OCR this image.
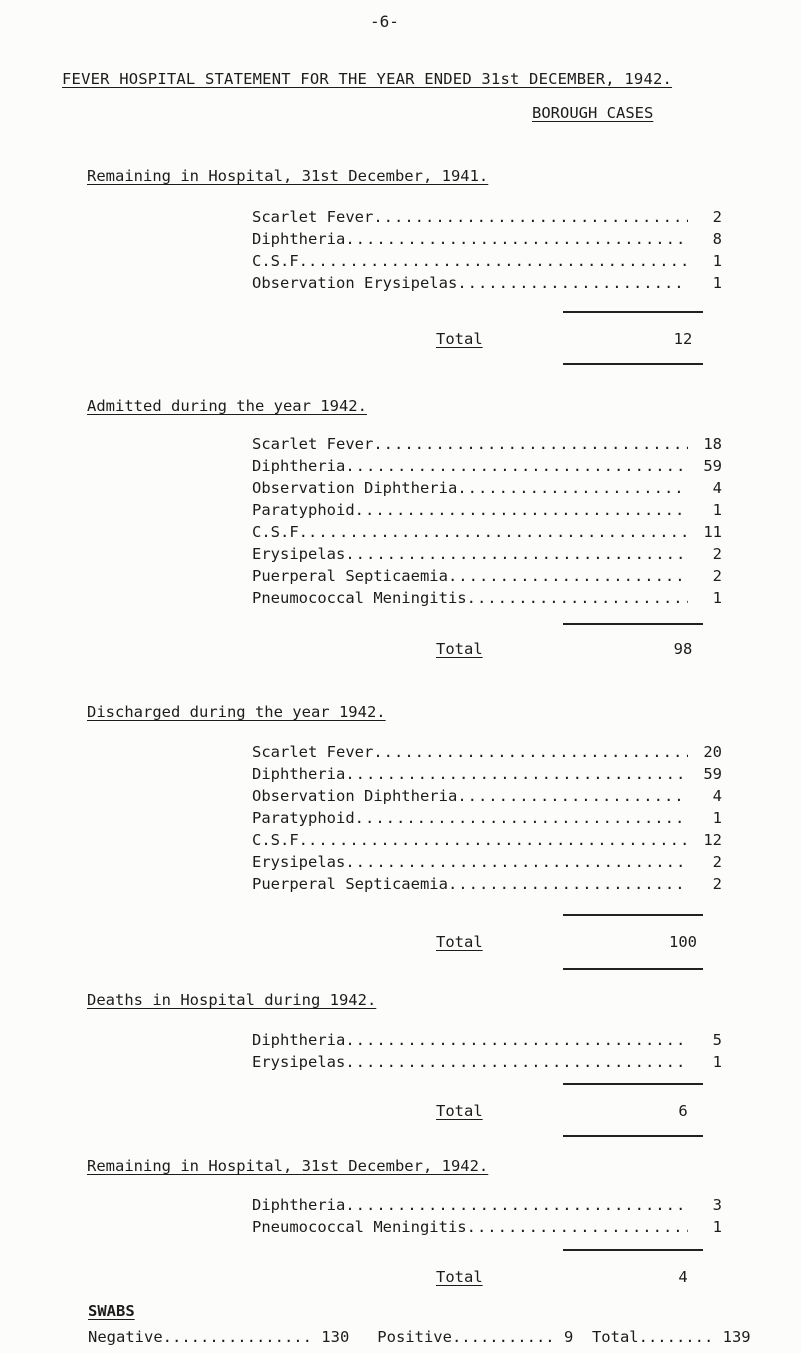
-6-
FEVER HOSPITAL STATEMENT FOR THE YEAR ENDED 31st DECEMBER, 1942.
BOROUGH CASES
Remaining in Hospital, 31st December, 1941.
Scarlet Fever .....	2
Diphtheria .....	8
C.S.F. .....	1
Observation Erysipelas .....	1
Total	12
Admitted during the year 1942.
Scarlet Fever .....	18
Diphtheria .....	59
Observation Diphtheria .....	4
Paratyphoid .....	1
C.S.F. .....	11
Erysipelas .....	2
Puerperal Septicaemia .....	2
Pneumococcal Meningitis .....	1
Total	98
Discharged during the year 1942.
Scarlet Fever .....	20
Diphtheria .....	59
Observation Diphtheria .....	4
Paratyphoid .....	1
C.S.F. .....	12
Erysipelas .....	2
Puerperal Septicaemia .....	2
Total	100
Deaths in Hospital during 1942.
Diphtheria .....	5
Erysipelas .....	1
Total	6
Remaining in Hospital, 31st December, 1942.
Diphtheria .....	3
Pneumococcal Meningitis .....	1
Total	4
SWABS
Negative................ 130 Positive........... 9 Total........ 139
